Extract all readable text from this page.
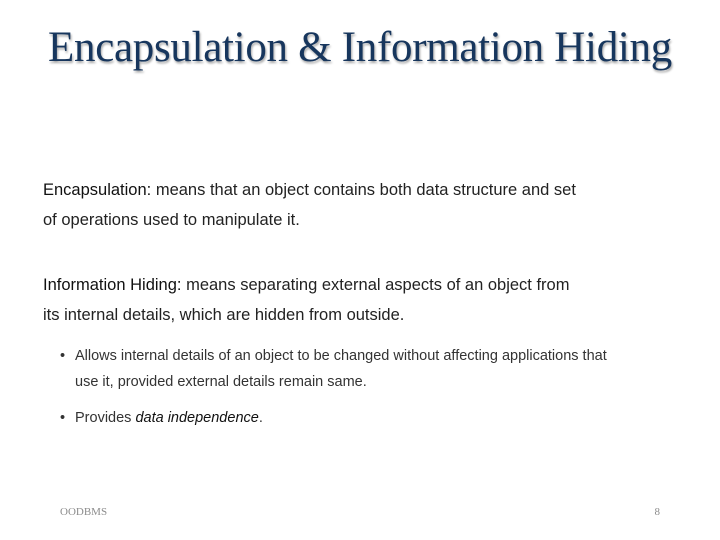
Encapsulation & Information Hiding
Encapsulation: means that an object contains both data structure and set
of operations used to manipulate it.
Information Hiding: means separating external aspects of an object from
its internal details, which are hidden from outside.
• Allows internal details of an object to be changed without affecting applications that
use it, provided external details remain same.
• Provides data independence.
OODBMS	8
